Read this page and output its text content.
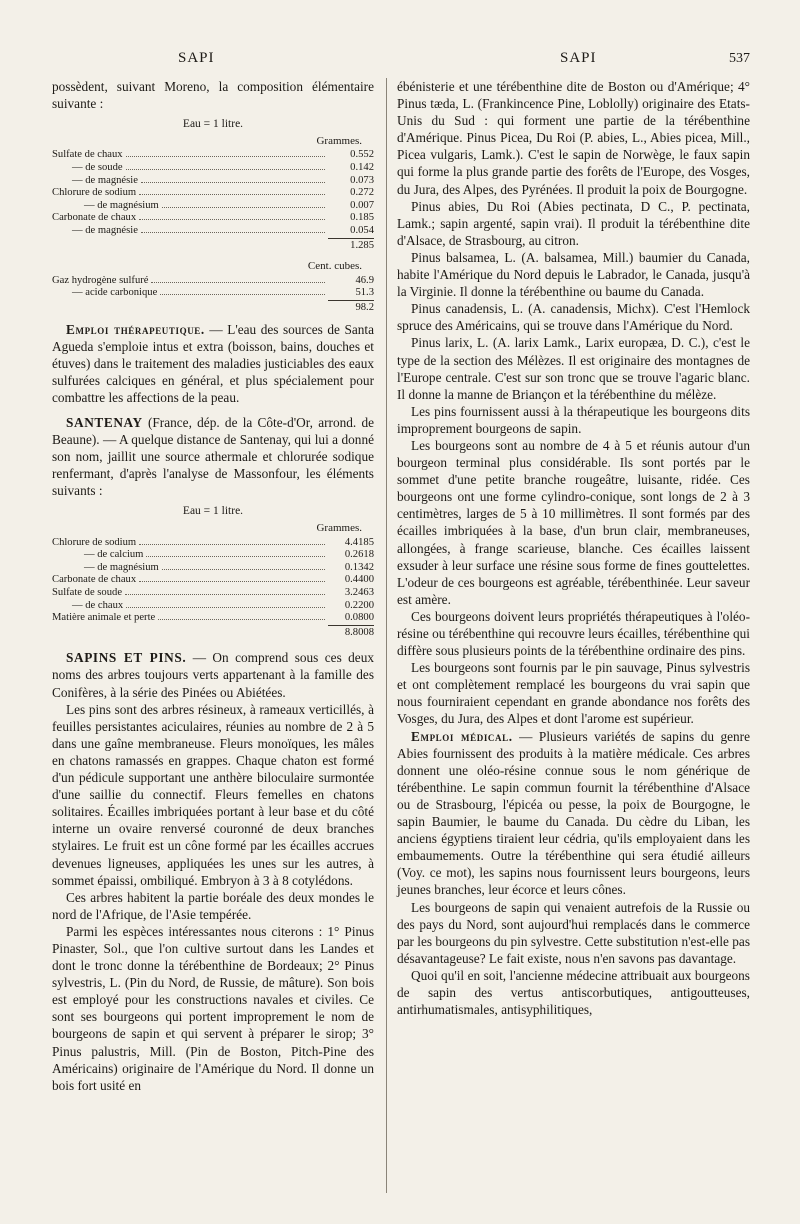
SAPI	SAPI	537

possèdent, suivant Moreno, la composition élémentaire suivante :

Eau = 1 litre.
Grammes.
Sulfate de chaux	0.552
— de soude	0.142
— de magnésie	0.073
Chlorure de sodium	0.272
— de magnésium	0.007
Carbonate de chaux	0.185
— de magnésie	0.054
1.285
Cent. cubes.
Gaz hydrogène sulfuré	46.9
— acide carbonique	51.3
98.2

Emploi thérapeutique. — L'eau des sources de Santa Agueda s'emploie intus et extra (boisson, bains, douches et étuves) dans le traitement des maladies justiciables des eaux sulfurées calciques en général, et plus spécialement pour combattre les affections de la peau.

SANTENAY (France, dép. de la Côte-d'Or, arrond. de Beaune). — A quelque distance de Santenay, qui lui a donné son nom, jaillit une source athermale et chlorurée sodique renfermant, d'après l'analyse de Massonfour, les éléments suivants :

Eau = 1 litre.
Grammes.
Chlorure de sodium	4.4185
— de calcium	0.2618
— de magnésium	0.1342
Carbonate de chaux	0.4400
Sulfate de soude	3.2463
— de chaux	0.2200
Matière animale et perte	0.0800
8.8008

SAPINS ET PINS. — On comprend sous ces deux noms des arbres toujours verts appartenant à la famille des Conifères, à la série des Pinées ou Abiétées.

Les pins sont des arbres résineux, à rameaux verticillés, à feuilles persistantes aciculaires, réunies au nombre de 2 à 5 dans une gaîne membraneuse. Fleurs monoïques, les mâles en chatons ramassés en grappes. Chaque chaton est formé d'un pédicule supportant une anthère biloculaire surmontée d'une saillie du connectif. Fleurs femelles en chatons solitaires. Écailles imbriquées portant à leur base et du côté interne un ovaire renversé couronné de deux branches stylaires. Le fruit est un cône formé par les écailles accrues devenues ligneuses, appliquées les unes sur les autres, à sommet épaissi, ombiliqué. Embryon à 3 à 8 cotylédons.

Ces arbres habitent la partie boréale des deux mondes le nord de l'Afrique, de l'Asie tempérée.

Parmi les espèces intéressantes nous citerons : 1° Pinus Pinaster, Sol., que l'on cultive surtout dans les Landes et dont le tronc donne la térébenthine de Bordeaux; 2° Pinus sylvestris, L. (Pin du Nord, de Russie, de mâture). Son bois est employé pour les constructions navales et civiles. Ce sont ses bourgeons qui portent improprement le nom de bourgeons de sapin et qui servent à préparer le sirop; 3° Pinus palustris, Mill. (Pin de Boston, Pitch-Pine des Américains) originaire de l'Amérique du Nord. Il donne un bois fort usité en

ébénisterie et une térébenthine dite de Boston ou d'Amérique; 4° Pinus tæda, L. (Frankincence Pine, Loblolly) originaire des Etats-Unis du Sud : qui forment une partie de la térébenthine d'Amérique. Pinus Picea, Du Roi (P. abies, L., Abies picea, Mill., Picea vulgaris, Lamk.). C'est le sapin de Norwège, le faux sapin qui forme la plus grande partie des forêts de l'Europe, des Vosges, du Jura, des Alpes, des Pyrénées. Il produit la poix de Bourgogne.

Pinus abies, Du Roi (Abies pectinata, D C., P. pectinata, Lamk.; sapin argenté, sapin vrai). Il produit la térébenthine dite d'Alsace, de Strasbourg, au citron.

Pinus balsamea, L. (A. balsamea, Mill.) baumier du Canada, habite l'Amérique du Nord depuis le Labrador, le Canada, jusqu'à la Virginie. Il donne la térébenthine ou baume du Canada.

Pinus canadensis, L. (A. canadensis, Michx). C'est l'Hemlock spruce des Américains, qui se trouve dans l'Amérique du Nord.

Pinus larix, L. (A. larix Lamk., Larix europæa, D. C.), c'est le type de la section des Mélèzes. Il est originaire des montagnes de l'Europe centrale. C'est sur son tronc que se trouve l'agaric blanc. Il donne la manne de Briançon et la térébenthine du mélèze.

Les pins fournissent aussi à la thérapeutique les bourgeons dits improprement bourgeons de sapin.

Les bourgeons sont au nombre de 4 à 5 et réunis autour d'un bourgeon terminal plus considérable. Ils sont portés par le sommet d'une petite branche rougeâtre, luisante, ridée. Ces bourgeons ont une forme cylindro-conique, sont longs de 2 à 3 centimètres, larges de 5 à 10 millimètres. Il sont formés par des écailles imbriquées à la base, d'un brun clair, membraneuses, allongées, à frange scarieuse, blanche. Ces écailles laissent exsuder à leur surface une résine sous forme de fines gouttelettes. L'odeur de ces bourgeons est agréable, térébenthinée. Leur saveur est amère.

Ces bourgeons doivent leurs propriétés thérapeutiques à l'oléo-résine ou térébenthine qui recouvre leurs écailles, térébenthine qui diffère sous plusieurs points de la térébenthine ordinaire des pins.

Les bourgeons sont fournis par le pin sauvage, Pinus sylvestris et ont complètement remplacé les bourgeons du vrai sapin que nous fourniraient cependant en grande abondance nos forêts des Vosges, du Jura, des Alpes et dont l'arome est supérieur.

Emploi médical. — Plusieurs variétés de sapins du genre Abies fournissent des produits à la matière médicale. Ces arbres donnent une oléo-résine connue sous le nom générique de térébenthine. Le sapin commun fournit la térébenthine d'Alsace ou de Strasbourg, l'épicéa ou pesse, la poix de Bourgogne, le sapin Baumier, le baume du Canada. Du cèdre du Liban, les anciens égyptiens tiraient leur cédria, qu'ils employaient dans les embaumements. Outre la térébenthine qui sera étudié ailleurs (Voy. ce mot), les sapins nous fournissent leurs bourgeons, leurs jeunes branches, leur écorce et leurs cônes.

Les bourgeons de sapin qui venaient autrefois de la Russie ou des pays du Nord, sont aujourd'hui remplacés dans le commerce par les bourgeons du pin sylvestre. Cette substitution n'est-elle pas désavantageuse? Le fait existe, nous n'en savons pas davantage.

Quoi qu'il en soit, l'ancienne médecine attribuait aux bourgeons de sapin des vertus antiscorbutiques, antigoutteuses, antirhumatismales, antisyphilitiques,
